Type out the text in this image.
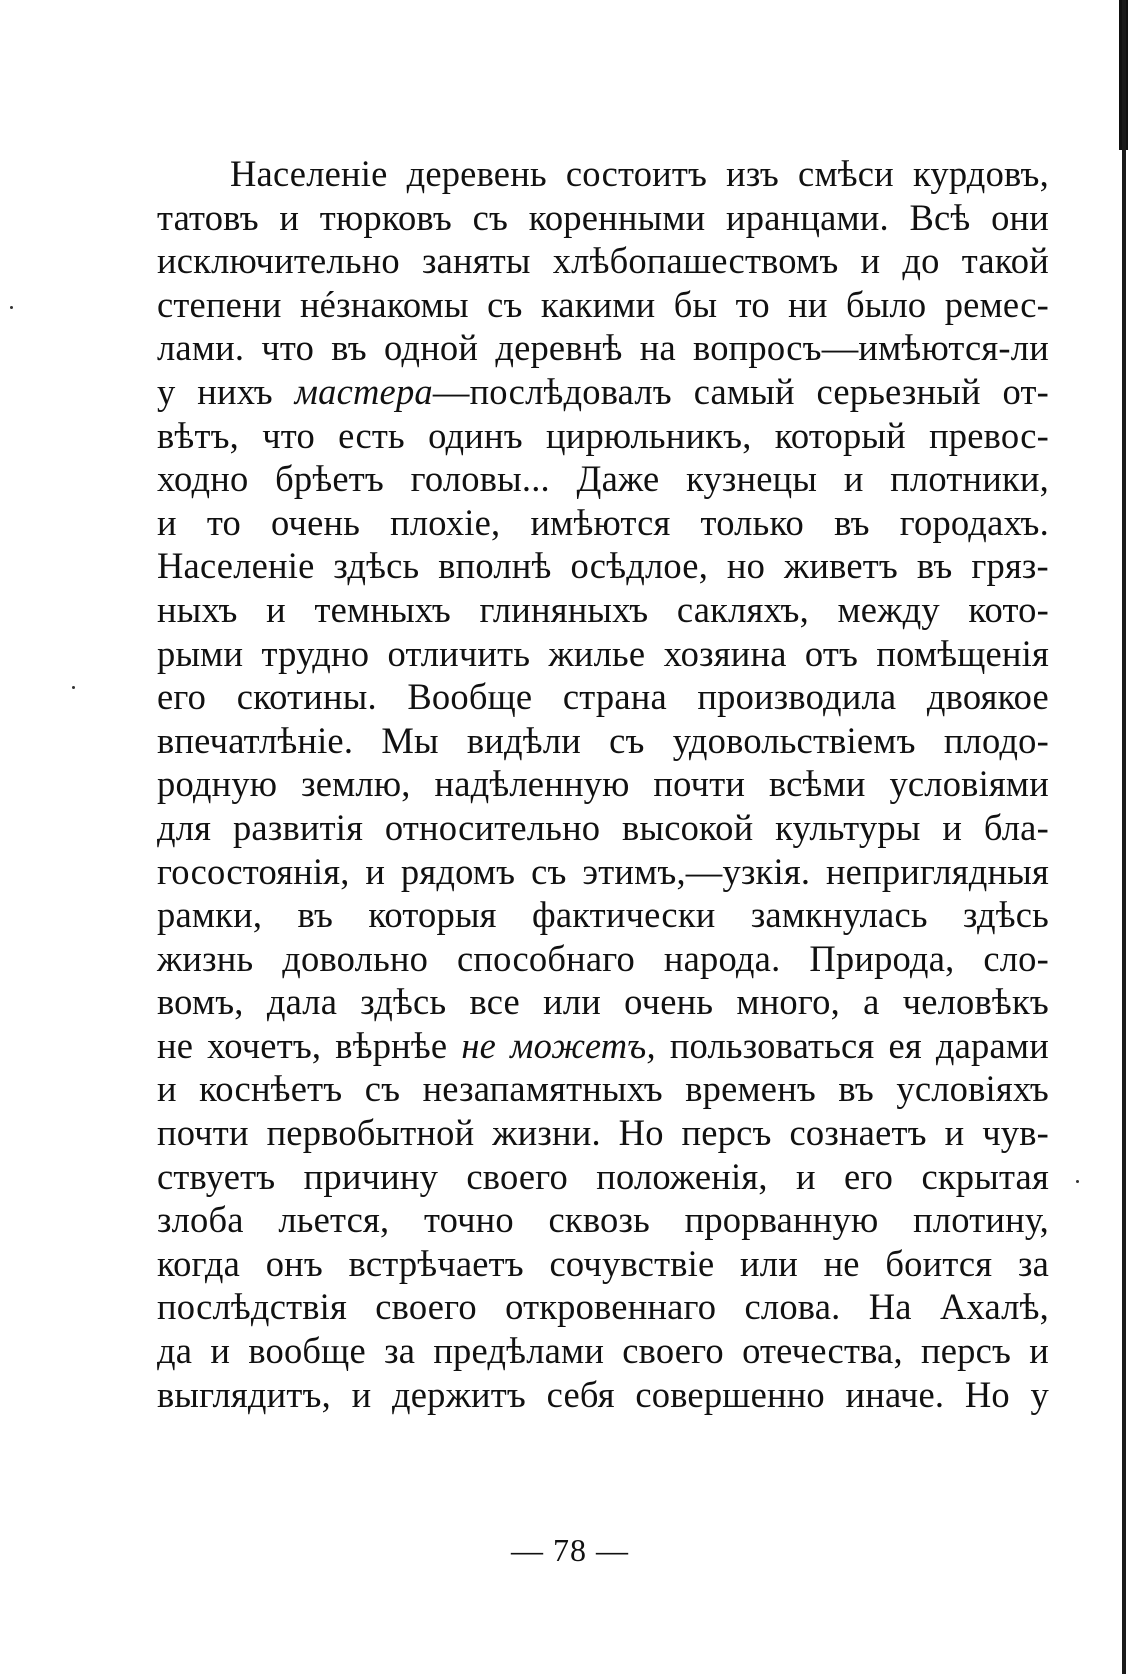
Населенiе деревень состоитъ изъ смѣси курдовъ,
татовъ и тюрковъ съ коренными иранцами. Всѣ они
исключительно заняты хлѣбопашествомъ и до такой
степени нéзнакомы съ какими бы то ни было ремес-
лами. что въ одной деревнѣ на вопросъ—имѣются-ли
у нихъ мастера—послѣдовалъ самый серьезный от-
вѣтъ, что есть одинъ цирюльникъ, который превос-
ходно брѣетъ головы... Даже кузнецы и плотники,
и то очень плохiе, имѣются только въ городахъ.
Населенiе здѣсь вполнѣ осѣдлое, но живетъ въ гряз-
ныхъ и темныхъ глиняныхъ сакляхъ, между кото-
рыми трудно отличить жилье хозяина отъ помѣщенiя
его скотины. Вообще страна производила двоякое
впечатлѣнiе. Мы видѣли съ удовольствiемъ плодо-
родную землю, надѣленную почти всѣми условiями
для развитiя относительно высокой культуры и бла-
госостоянiя, и рядомъ съ этимъ,—узкiя. неприглядныя
рамки, въ которыя фактически замкнулась здѣсь
жизнь довольно способнаго народа. Природа, сло-
вомъ, дала здѣсь все или очень много, а человѣкъ
не хочетъ, вѣрнѣе не можетъ, пользоваться ея дарами
и коснѣетъ съ незапамятныхъ временъ въ условiяхъ
почти первобытной жизни. Но персъ сознаетъ и чув-
ствуетъ причину своего положенiя, и его скрытая
злоба льется, точно сквозь прорванную плотину,
когда онъ встрѣчаетъ сочувствiе или не боится за
послѣдствiя своего откровеннаго слова. На Ахалѣ,
да и вообще за предѣлами своего отечества, персъ и
выглядитъ, и держитъ себя совершенно иначе. Но у
— 78 —
